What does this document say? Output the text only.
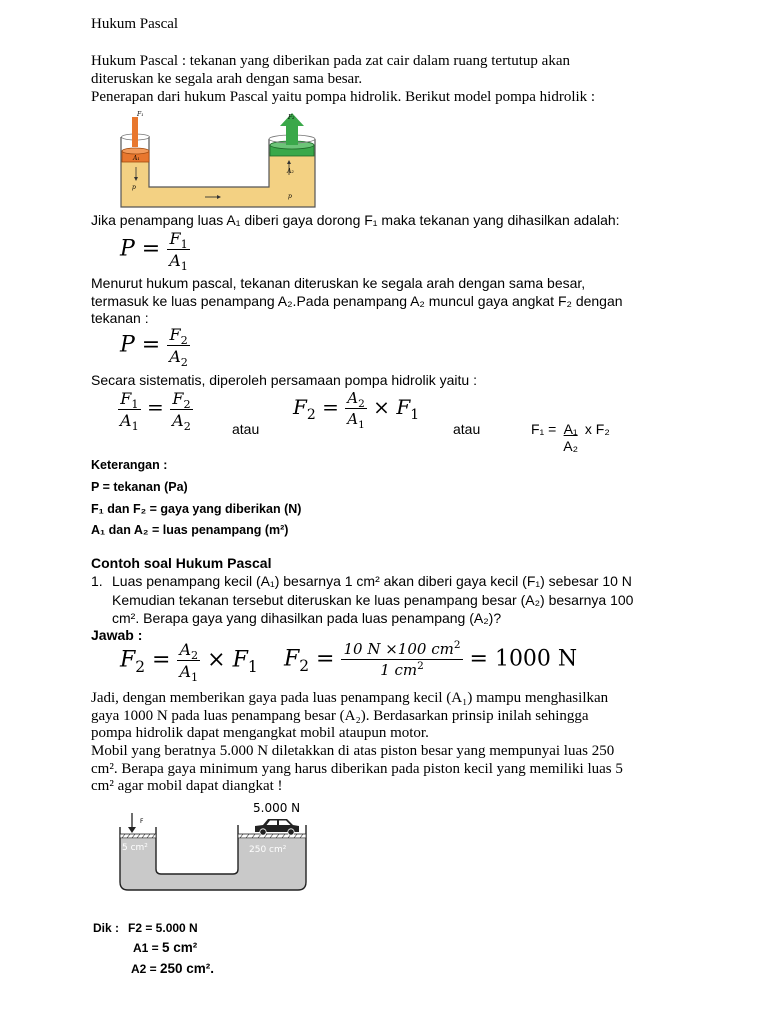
Hukum Pascal
Hukum Pascal : tekanan yang diberikan pada zat cair dalam ruang tertutup akan
diteruskan ke segala arah dengan sama besar.
Penerapan dari hukum Pascal yaitu pompa hidrolik. Berikut model pompa hidrolik :
F₁	F₂
A₁
A₂
p
p
Jika penampang luas A₁ diberi gaya dorong F₁ maka tekanan yang dihasilkan adalah:
$P = \frac{F_1}{A_1}$
Menurut hukum pascal, tekanan diteruskan ke segala arah dengan sama besar,
termasuk ke luas penampang A₂.Pada penampang A₂ muncul gaya angkat F₂ dengan
tekanan :
$P = \frac{F_2}{A_2}$
Secara sistematis, diperoleh persamaan pompa hidrolik yaitu :
$\frac{F_1}{A_1} = \frac{F_2}{A_2}$	atau
$F_2 = \frac{A_2}{A_1} \times F_1$
atau	$F_1 = \frac{\text{A₁}}{\text{A₂}}$ x F₂
Keterangan :
P = tekanan (Pa)
F₁ dan F₂ = gaya yang diberikan (N)
A₁ dan A₂ = luas penampang (m²)
Contoh soal Hukum Pascal
1. Luas penampang kecil (A₁) besarnya 1 cm² akan diberi gaya kecil (F₁) sebesar 10 N
Kemudian tekanan tersebut diteruskan ke luas penampang besar (A₂) besarnya 100
cm². Berapa gaya yang dihasilkan pada luas penampang (A₂)?
Jawab :
$F_2 = \frac{A_2}{A_1} \times F_1$ $F_2 = \frac{10 N \times 100 cm^2}{1 cm^2} = 1000$ N
Jadi, dengan memberikan gaya pada luas penampang kecil (A₁) mampu menghasilkan
gaya 1000 N pada luas penampang besar (A₂). Berdasarkan prinsip inilah sehingga
pompa hidrolik dapat mengangkat mobil ataupun motor.
Mobil yang beratnya 5.000 N diletakkan di atas piston besar yang mempunyai luas 250
cm². Berapa gaya minimum yang harus diberikan pada piston kecil yang memiliki luas 5
cm² agar mobil dapat diangkat !
F
5.000 N
5 cm²	250 cm²
Dik : F2 = 5.000 N
A1 = 5 cm²
A2 = 250 cm².
